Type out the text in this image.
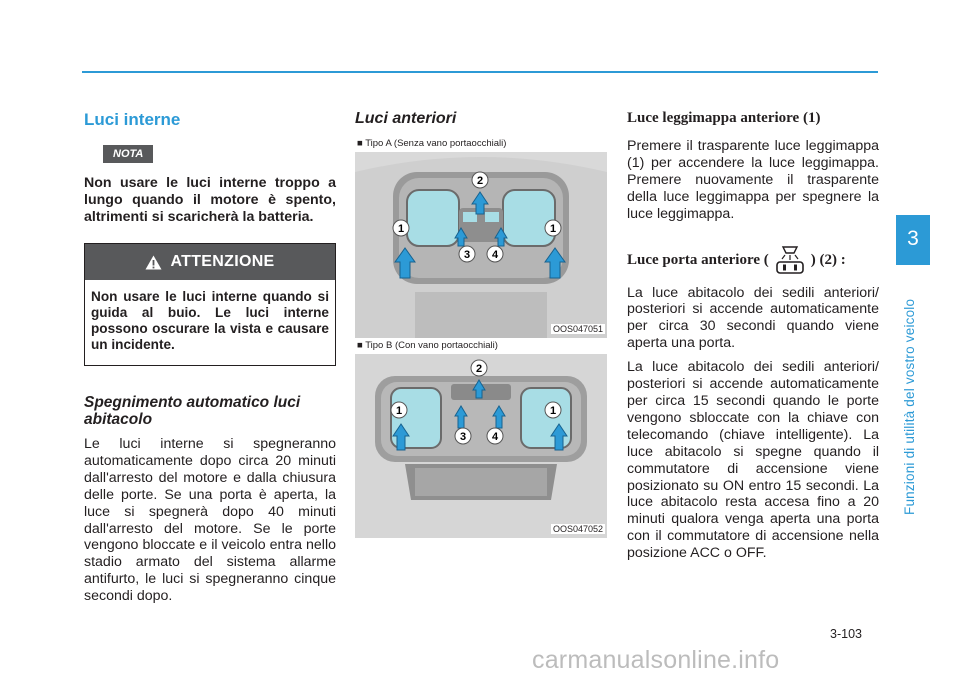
Luci interne
NOTA

Non usare le luci interne troppo a lungo quando il motore è spento, altrimenti si scaricherà la batteria.

ATTENZIONE
Non usare le luci interne quando si guida al buio. Le luci interne possono oscurare la vista e causare un incidente.
Spegnimento automatico luci abitacolo

Le luci interne si spegneranno automaticamente dopo circa 20 minuti dall'arresto del motore e dalla chiusura delle porte. Se una porta è aperta, la luce si spegnerà dopo 40 minuti dall'arresto del motore. Se le porte vengono bloccate e il veicolo entra nello stadio armato del sistema allarme antifurto, le luci si spegneranno cinque secondi dopo.

Luci anteriori
■ Tipo A (Senza vano portaocchiali)
1
2
3 4
1
OOS047051
■ Tipo B (Con vano portaocchiali)
1
2
3 4
1
OOS047052
Luce leggimappa anteriore (1)

Premere il trasparente luce leggimappa (1) per accendere la luce leggimappa. Premere nuovamente il trasparente della luce leggimappa per spegnere la luce leggimappa.

Luce porta anteriore (	) (2) :

La luce abitacolo dei sedili anteriori/ posteriori si accende automaticamente per circa 30 secondi quando viene aperta una porta.

La luce abitacolo dei sedili anteriori/ posteriori si accende automaticamente per circa 15 secondi quando le porte vengono sbloccate con la chiave con telecomando (chiave intelligente). La luce abitacolo si spegne quando il commutatore di accensione viene posizionato su ON entro 15 secondi. La luce abitacolo resta accesa fino a 20 minuti qualora venga aperta una porta con il commutatore di accensione nella posizione ACC o OFF.

3
Funzioni di utilità del vostro veicolo
3-103
carmanualsonline.info
